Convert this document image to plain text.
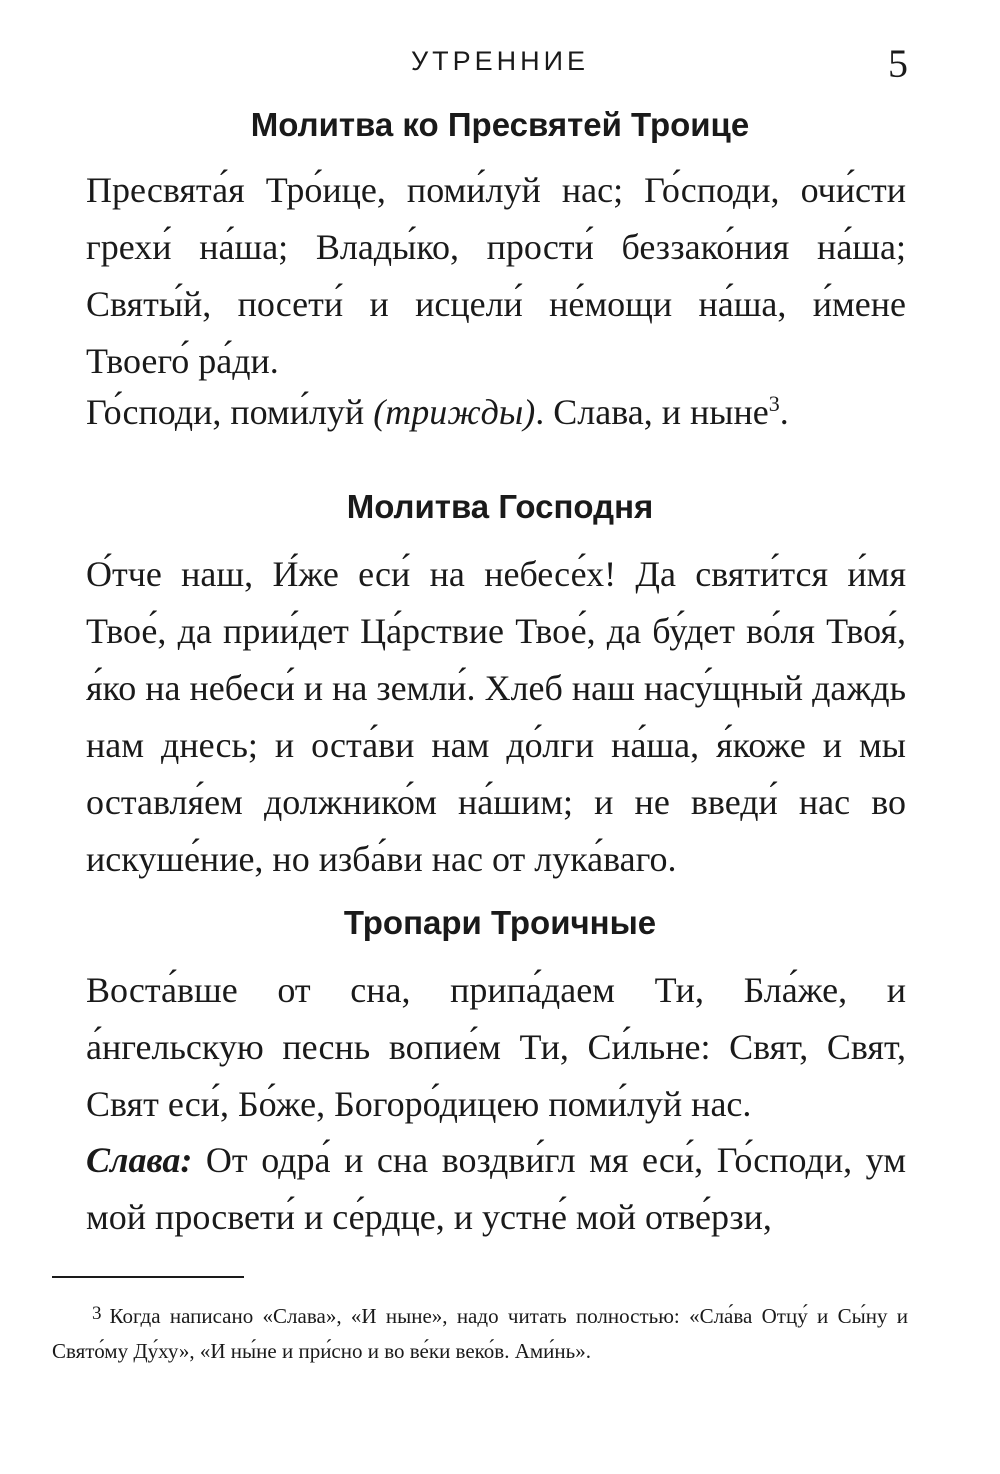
УТРЕННИЕ	5
Молитва ко Пресвятей Троице
Пресвята́я Тро́ице, поми́луй нас; Го́споди, очи́сти грехи́ на́ша; Влады́ко, прости́ беззако́ния на́ша; Святы́й, посети́ и исцели́ не́мощи на́ша, и́мене Твоего́ ра́ди.
Го́споди, поми́луй (трижды). Слава, и ныне$^3$.
Молитва Господня
О́тче наш, И́же еси́ на небесе́х! Да святи́тся и́мя Твое́, да прии́дет Ца́рствие Твое́, да бу́дет во́ля Твоя́, я́ко на небеси́ и на земли́. Хлеб наш насу́щный даждь нам днесь; и оста́ви нам до́лги на́ша, я́коже и мы оставля́ем должнико́м на́шим; и не введи́ нас во искуше́ние, но изба́ви нас от лука́ваго.
Тропари Троичные
Воста́вше от сна, припа́даем Ти, Бла́же, и а́нгельскую песнь вопие́м Ти, Си́льне: Свят, Свят, Свят еси́, Бо́же, Богоро́дицею поми́луй нас.
Слава: От одра́ и сна воздви́гл мя еси́, Го́споди, ум мой просвети́ и се́рдце, и устне́ мой отве́рзи,
3 Когда написано «Слава», «И ныне», надо читать полностью: «Сла́ва Отцу́ и Сы́ну и Свято́му Ду́ху», «И ны́не и при́сно и во ве́ки веко́в. Ами́нь».
